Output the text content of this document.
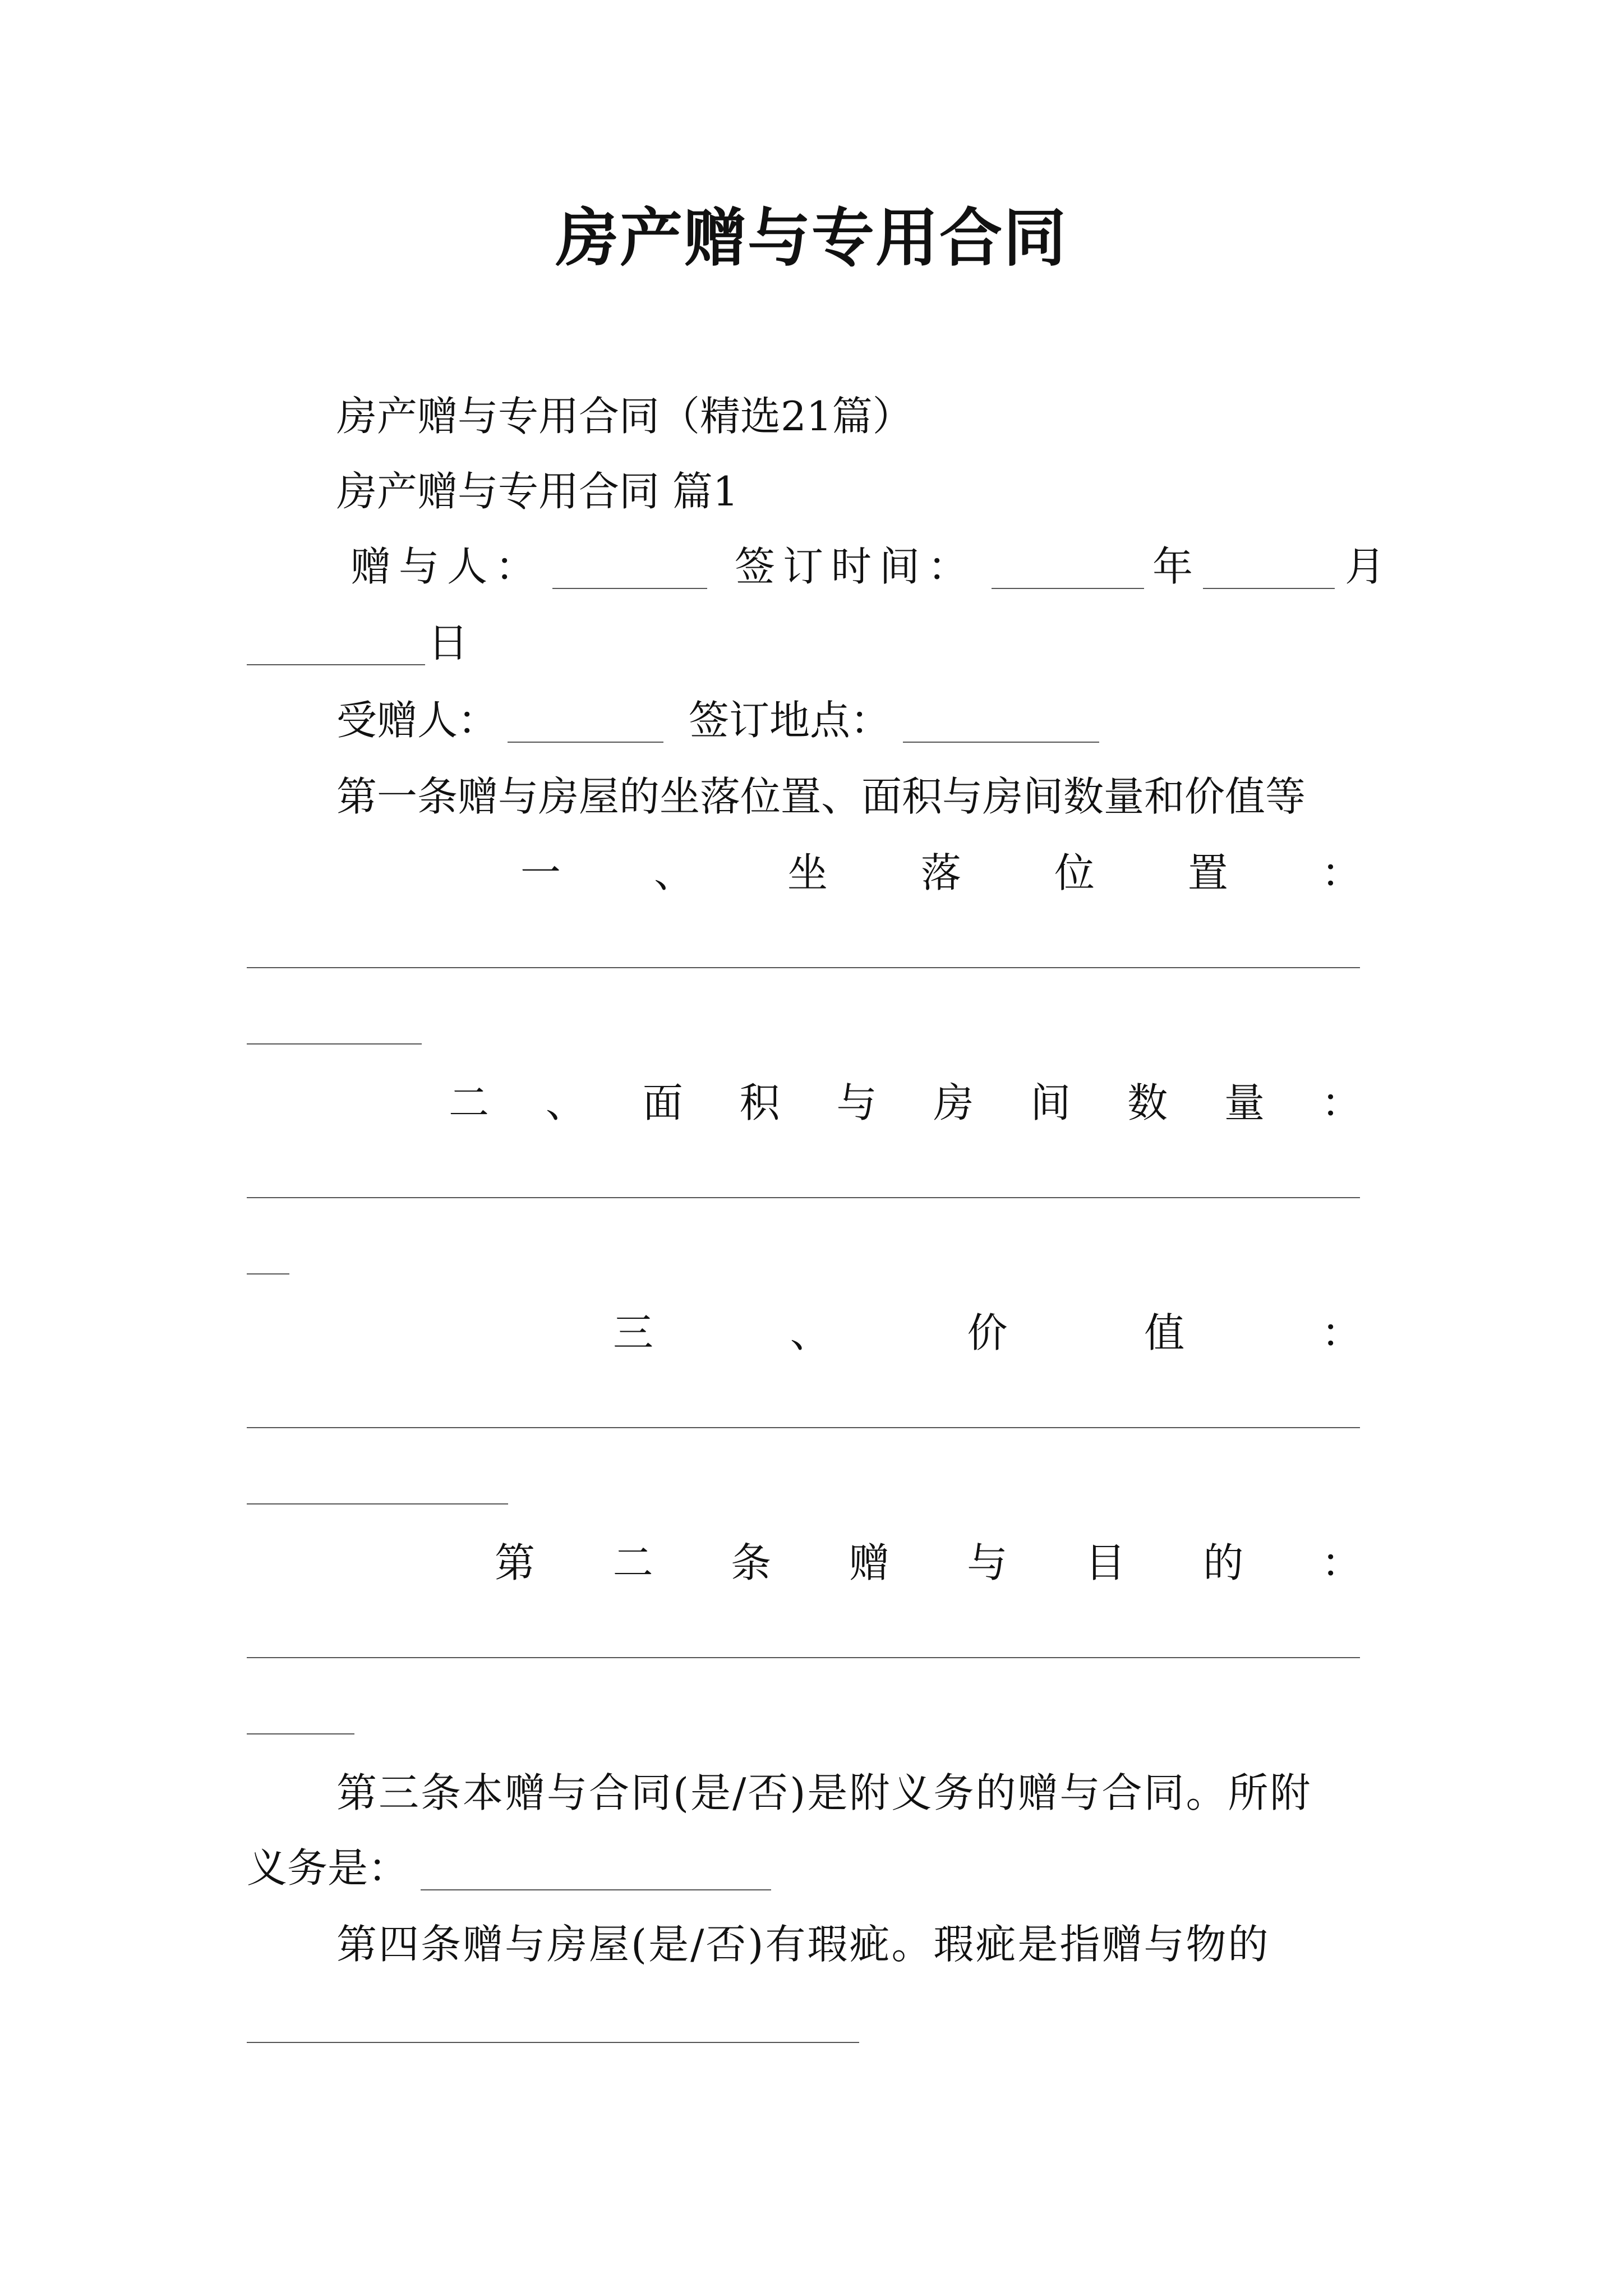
房产赠与专用合同
房产赠与专用合同（精选21篇）
房产赠与专用合同 篇1
赠与人：	签订时间：	年	月
日
受赠人：	签订地点：
第一条赠与房屋的坐落位置、面积与房间数量和价值等
一 、 坐 落 位 置 ：
二 、 面 积 与 房 间 数 量 ：
三	、	价	值	：
第 二 条 赠 与 目 的 ：
第三条本赠与合同(是/否)是附义务的赠与合同。所附
义务是：
第四条赠与房屋(是/否)有瑕疵。瑕疵是指赠与物的
